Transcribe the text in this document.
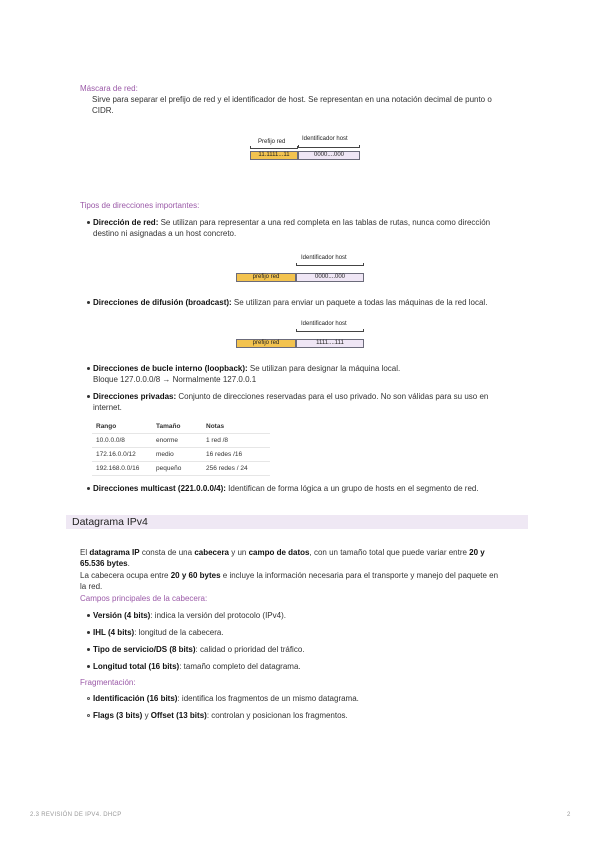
Máscara de red:
Sirve para separar el prefijo de red y el identificador de host. Se representan en una notación decimal de punto o
CIDR.
Prefijo red	Identificador host
11.1111...11	0000....000
Tipos de direcciones importantes:
Dirección de red: Se utilizan para representar a una red completa en las tablas de rutas, nunca como dirección
destino ni asignadas a un host concreto.
Identificador host
prefijo red	0000....000
Direcciones de difusión (broadcast): Se utilizan para enviar un paquete a todas las máquinas de la red local.
Identificador host
prefijo red	1111....111
Direcciones de bucle interno (loopback): Se utilizan para designar la máquina local.
Bloque 127.0.0.0/8 → Normalmente 127.0.0.1
Direcciones privadas: Conjunto de direcciones reservadas para el uso privado. No son válidas para su uso en
internet.
Rango	Tamaño	Notas
10.0.0.0/8	enorme	1 red /8
172.16.0.0/12	medio	16 redes /16
192.168.0.0/16	pequeño	256 redes / 24
Direcciones multicast (221.0.0.0/4): Identifican de forma lógica a un grupo de hosts en el segmento de red.
Datagrama IPv4
El datagrama IP consta de una cabecera y un campo de datos, con un tamaño total que puede variar entre 20 y
65.536 bytes.
La cabecera ocupa entre 20 y 60 bytes e incluye la información necesaria para el transporte y manejo del paquete en
la red.
Campos principales de la cabecera:
Versión (4 bits): indica la versión del protocolo (IPv4).
IHL (4 bits): longitud de la cabecera.
Tipo de servicio/DS (8 bits): calidad o prioridad del tráfico.
Longitud total (16 bits): tamaño completo del datagrama.
Fragmentación:
Identificación (16 bits): identifica los fragmentos de un mismo datagrama.
Flags (3 bits) y Offset (13 bits): controlan y posicionan los fragmentos.
2.3 REVISIÓN DE IPV4. DHCP	2
